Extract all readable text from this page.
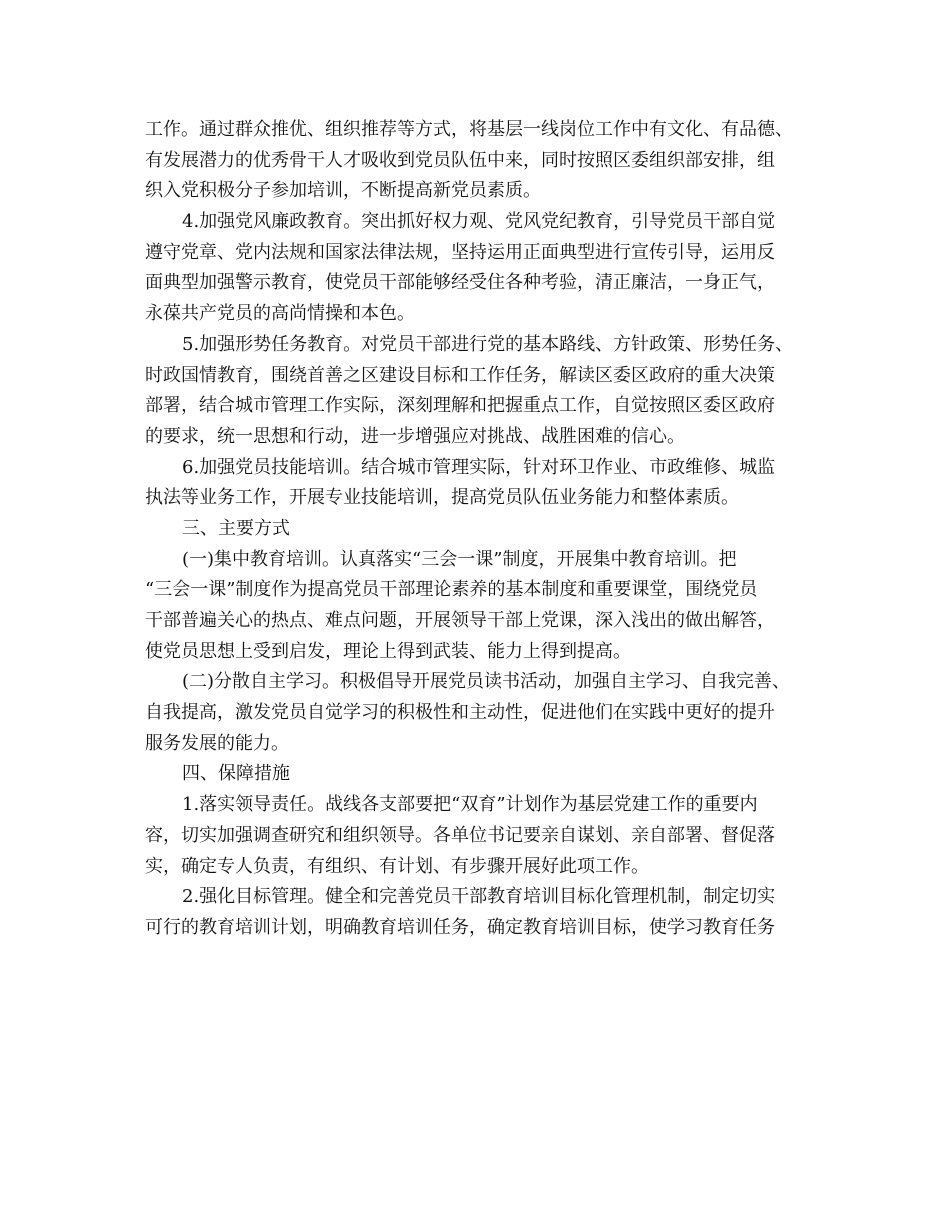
工作。通过群众推优、组织推荐等方式，将基层一线岗位工作中有文化、有品德、
有发展潜力的优秀骨干人才吸收到党员队伍中来，同时按照区委组织部安排，组
织入党积极分子参加培训，不断提高新党员素质。
4.加强党风廉政教育。突出抓好权力观、党风党纪教育，引导党员干部自觉
遵守党章、党内法规和国家法律法规，坚持运用正面典型进行宣传引导，运用反
面典型加强警示教育，使党员干部能够经受住各种考验，清正廉洁，一身正气，
永葆共产党员的高尚情操和本色。
5.加强形势任务教育。对党员干部进行党的基本路线、方针政策、形势任务、
时政国情教育，围绕首善之区建设目标和工作任务，解读区委区政府的重大决策
部署，结合城市管理工作实际，深刻理解和把握重点工作，自觉按照区委区政府
的要求，统一思想和行动，进一步增强应对挑战、战胜困难的信心。
6.加强党员技能培训。结合城市管理实际，针对环卫作业、市政维修、城监
执法等业务工作，开展专业技能培训，提高党员队伍业务能力和整体素质。
三、主要方式
(一)集中教育培训。认真落实“三会一课”制度，开展集中教育培训。把
“三会一课”制度作为提高党员干部理论素养的基本制度和重要课堂，围绕党员
干部普遍关心的热点、难点问题，开展领导干部上党课，深入浅出的做出解答，
使党员思想上受到启发，理论上得到武装、能力上得到提高。
(二)分散自主学习。积极倡导开展党员读书活动，加强自主学习、自我完善、
自我提高，激发党员自觉学习的积极性和主动性，促进他们在实践中更好的提升
服务发展的能力。
四、保障措施
1.落实领导责任。战线各支部要把“双育”计划作为基层党建工作的重要内
容，切实加强调查研究和组织领导。各单位书记要亲自谋划、亲自部署、督促落
实，确定专人负责，有组织、有计划、有步骤开展好此项工作。
2.强化目标管理。健全和完善党员干部教育培训目标化管理机制，制定切实
可行的教育培训计划，明确教育培训任务，确定教育培训目标，使学习教育任务
